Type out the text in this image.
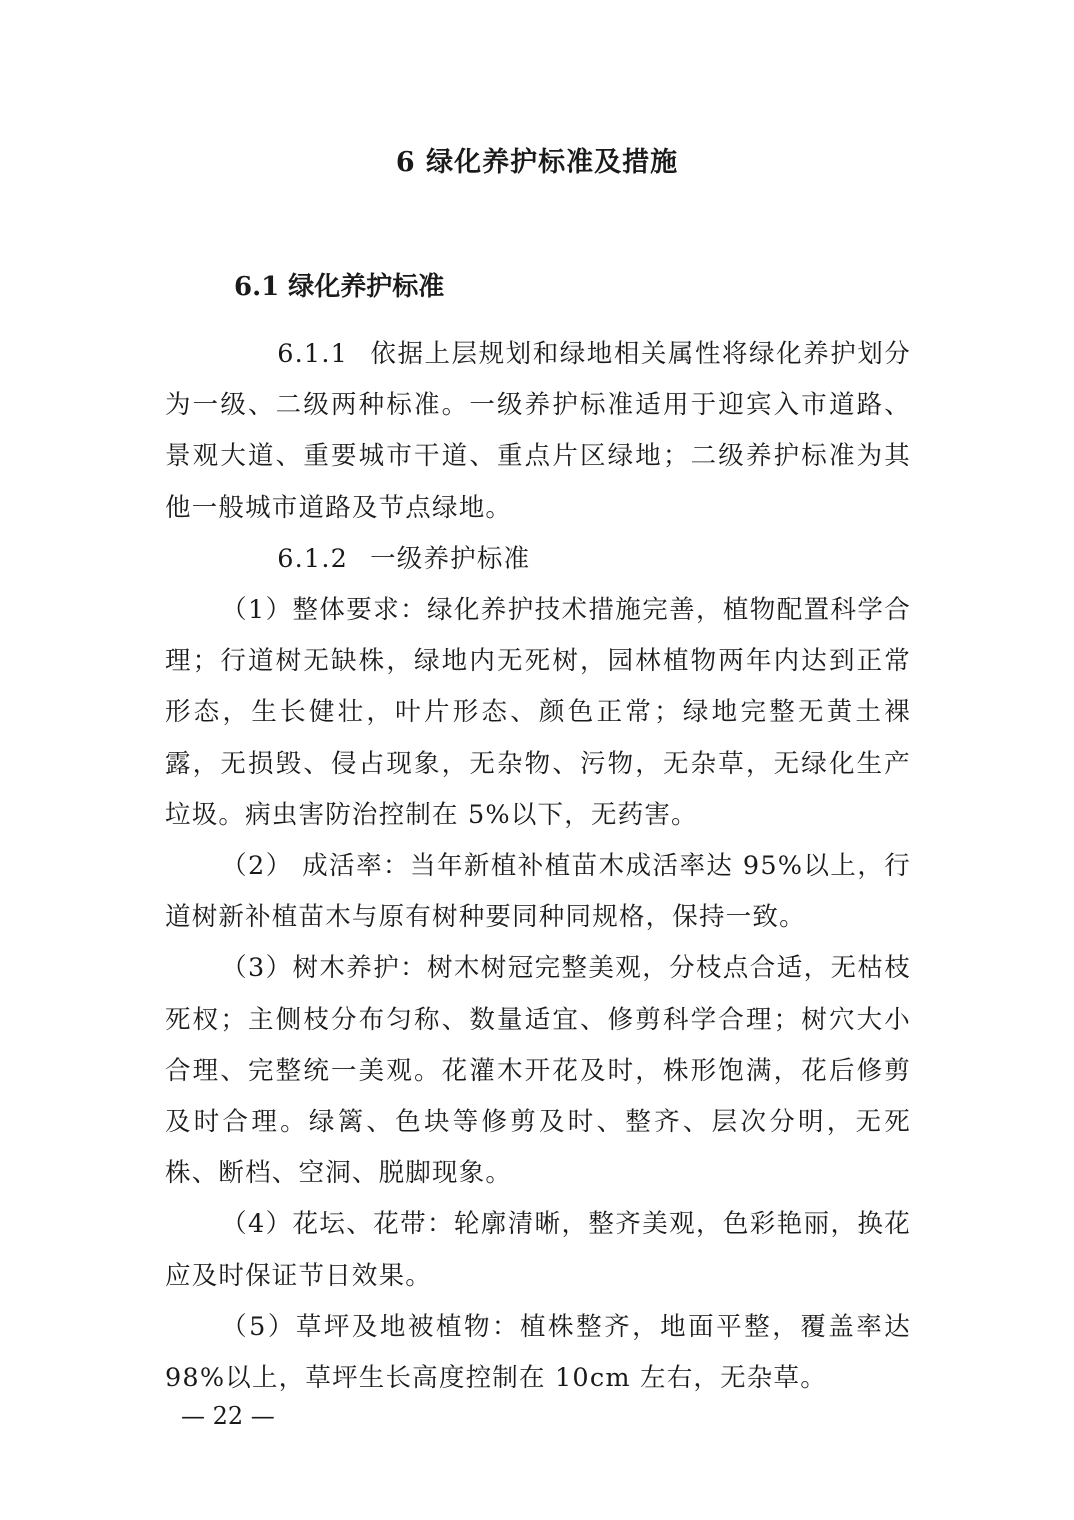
6 绿化养护标准及措施
6.1 绿化养护标准

6.1.1 依据上层规划和绿地相关属性将绿化养护划分为一级、二级两种标准。一级养护标准适用于迎宾入市道路、景观大道、重要城市干道、重点片区绿地；二级养护标准为其他一般城市道路及节点绿地。

6.1.2 一级养护标准

（1）整体要求：绿化养护技术措施完善，植物配置科学合理；行道树无缺株，绿地内无死树，园林植物两年内达到正常形态，生长健壮，叶片形态、颜色正常；绿地完整无黄土裸露，无损毁、侵占现象，无杂物、污物，无杂草，无绿化生产垃圾。病虫害防治控制在 5%以下，无药害。

（2） 成活率：当年新植补植苗木成活率达 95%以上，行道树新补植苗木与原有树种要同种同规格，保持一致。

（3）树木养护：树木树冠完整美观，分枝点合适，无枯枝死杈；主侧枝分布匀称、数量适宜、修剪科学合理；树穴大小合理、完整统一美观。花灌木开花及时，株形饱满，花后修剪及时合理。绿篱、色块等修剪及时、整齐、层次分明，无死株、断档、空洞、脱脚现象。

（4）花坛、花带：轮廓清晰，整齐美观，色彩艳丽，换花应及时保证节日效果。

（5）草坪及地被植物：植株整齐，地面平整，覆盖率达 98%以上，草坪生长高度控制在 10cm 左右，无杂草。

— 22 —
